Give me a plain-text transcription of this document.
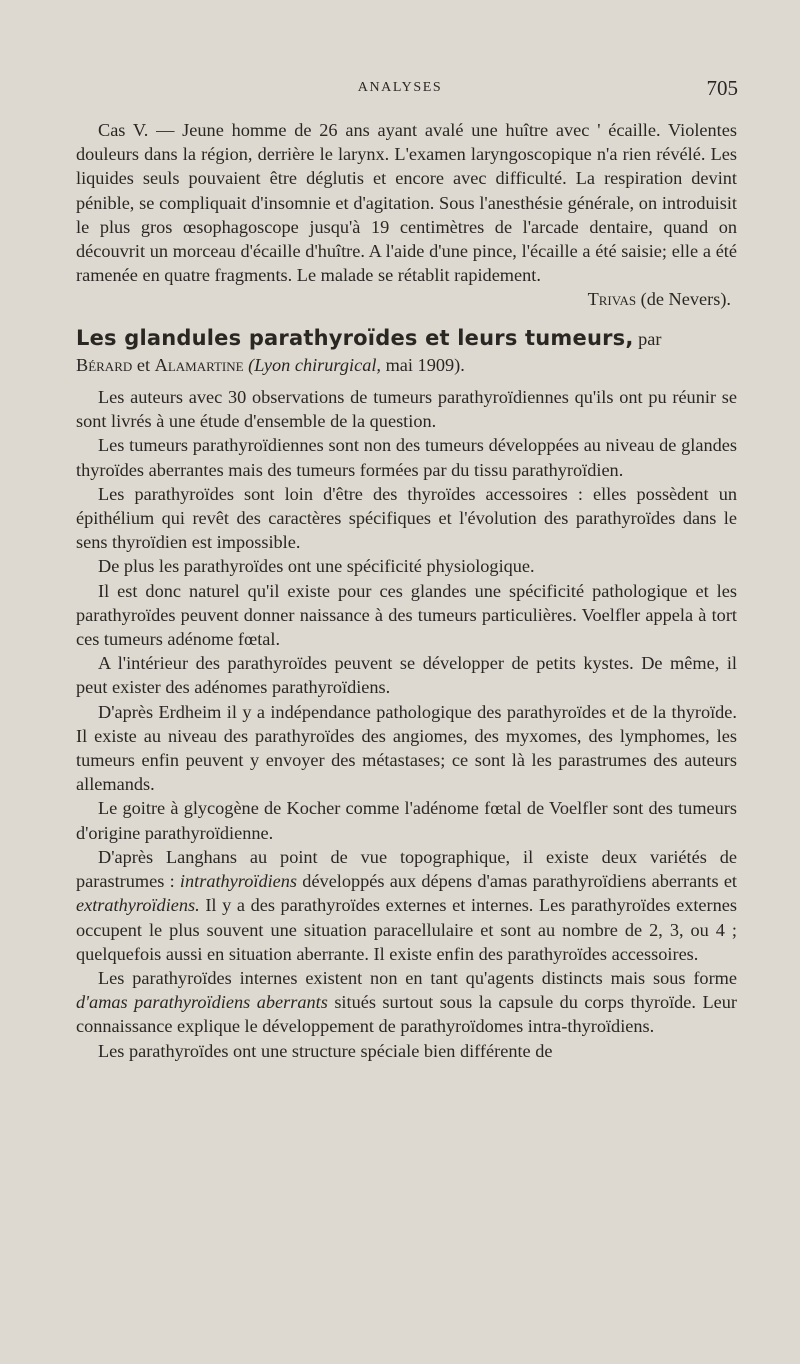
ANALYSES	705

Cas V. — Jeune homme de 26 ans ayant avalé une huître avec ' écaille. Violentes douleurs dans la région, derrière le larynx. L'examen laryngoscopique n'a rien révélé. Les liquides seuls pouvaient être déglutis et encore avec difficulté. La respiration devint pénible, se compliquait d'insomnie et d'agitation. Sous l'anesthésie générale, on introduisit le plus gros œsophagoscope jusqu'à 19 centimètres de l'arcade dentaire, quand on découvrit un morceau d'écaille d'huître. A l'aide d'une pince, l'écaille a été saisie; elle a été ramenée en quatre fragments. Le malade se rétablit rapidement.

Trivas (de Nevers).

Les glandules parathyroïdes et leurs tumeurs, par

Bérard et Alamartine (Lyon chirurgical, mai 1909).

Les auteurs avec 30 observations de tumeurs parathyroïdiennes qu'ils ont pu réunir se sont livrés à une étude d'ensemble de la question.

Les tumeurs parathyroïdiennes sont non des tumeurs développées au niveau de glandes thyroïdes aberrantes mais des tumeurs formées par du tissu parathyroïdien.

Les parathyroïdes sont loin d'être des thyroïdes accessoires : elles possèdent un épithélium qui revêt des caractères spécifiques et l'évolution des parathyroïdes dans le sens thyroïdien est impossible.

De plus les parathyroïdes ont une spécificité physiologique.

Il est donc naturel qu'il existe pour ces glandes une spécificité pathologique et les parathyroïdes peuvent donner naissance à des tumeurs particulières. Voelfler appela à tort ces tumeurs adénome fœtal.

A l'intérieur des parathyroïdes peuvent se développer de petits kystes. De même, il peut exister des adénomes parathyroïdiens.

D'après Erdheim il y a indépendance pathologique des parathyroïdes et de la thyroïde. Il existe au niveau des parathyroïdes des angiomes, des myxomes, des lymphomes, les tumeurs enfin peuvent y envoyer des métastases; ce sont là les parastrumes des auteurs allemands.

Le goitre à glycogène de Kocher comme l'adénome fœtal de Voelfler sont des tumeurs d'origine parathyroïdienne.

D'après Langhans au point de vue topographique, il existe deux variétés de parastrumes : intrathyroïdiens développés aux dépens d'amas parathyroïdiens aberrants et extrathyroïdiens. Il y a des parathyroïdes externes et internes. Les parathyroïdes externes occupent le plus souvent une situation paracellulaire et sont au nombre de 2, 3, ou 4 ; quelquefois aussi en situation aberrante. Il existe enfin des parathyroïdes accessoires.

Les parathyroïdes internes existent non en tant qu'agents distincts mais sous forme d'amas parathyroïdiens aberrants situés surtout sous la capsule du corps thyroïde. Leur connaissance explique le développement de parathyroïdomes intra-thyroïdiens.

Les parathyroïdes ont une structure spéciale bien différente de
